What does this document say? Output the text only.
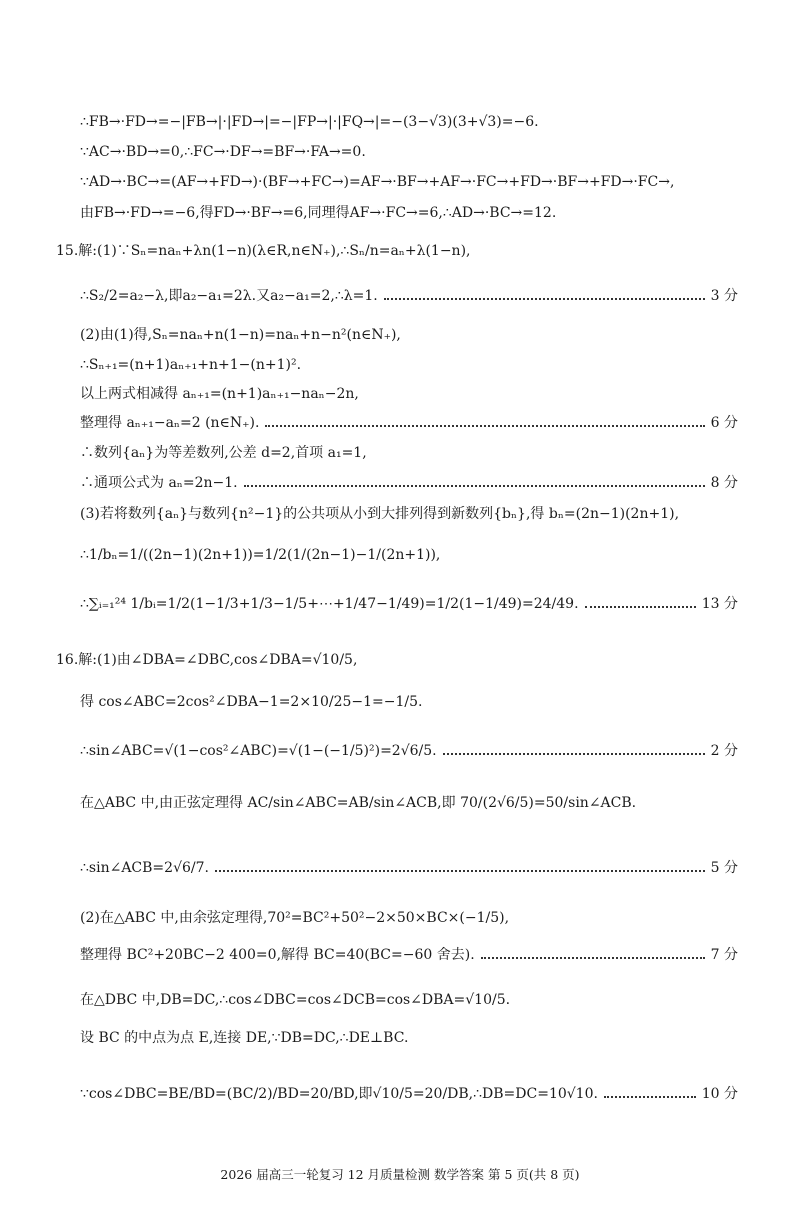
∴FB→·FD→=−|FB→|·|FD→|=−|FP→|·|FQ→|=−(3−√3)(3+√3)=−6.
∵AC→·BD→=0,∴FC→·DF→=BF→·FA→=0.
∵AD→·BC→=(AF→+FD→)·(BF→+FC→)=AF→·BF→+AF→·FC→+FD→·BF→+FD→·FC→,
由FB→·FD→=−6,得FD→·BF→=6,同理得AF→·FC→=6,∴AD→·BC→=12.
15.解:(1)∵Sₙ=naₙ+λn(1−n)(λ∈R,n∈N₊),∴Sₙ/n=aₙ+λ(1−n),
∴S₂/2=a₂−λ,即a₂−a₁=2λ.又a₂−a₁=2,∴λ=1.	3 分
(2)由(1)得,Sₙ=naₙ+n(1−n)=naₙ+n−n²(n∈N₊),
∴Sₙ₊₁=(n+1)aₙ₊₁+n+1−(n+1)².
以上两式相减得 aₙ₊₁=(n+1)aₙ₊₁−naₙ−2n,
整理得 aₙ₊₁−aₙ=2 (n∈N₊).	6 分
∴数列{aₙ}为等差数列,公差 d=2,首项 a₁=1,
∴通项公式为 aₙ=2n−1.	8 分
(3)若将数列{aₙ}与数列{n²−1}的公共项从小到大排列得到新数列{bₙ},得 bₙ=(2n−1)(2n+1),
∴1/bₙ=1/((2n−1)(2n+1))=1/2(1/(2n−1)−1/(2n+1)),
∴∑ᵢ₌₁²⁴ 1/bᵢ=1/2(1−1/3+1/3−1/5+⋯+1/47−1/49)=1/2(1−1/49)=24/49.	13 分
16.解:(1)由∠DBA=∠DBC,cos∠DBA=√10/5,
得 cos∠ABC=2cos²∠DBA−1=2×10/25−1=−1/5.
∴sin∠ABC=√(1−cos²∠ABC)=√(1−(−1/5)²)=2√6/5.	2 分
在△ABC 中,由正弦定理得 AC/sin∠ABC=AB/sin∠ACB,即 70/(2√6/5)=50/sin∠ACB.
∴sin∠ACB=2√6/7.	5 分
(2)在△ABC 中,由余弦定理得,70²=BC²+50²−2×50×BC×(−1/5),
整理得 BC²+20BC−2 400=0,解得 BC=40(BC=−60 舍去).	7 分
在△DBC 中,DB=DC,∴cos∠DBC=cos∠DCB=cos∠DBA=√10/5.
设 BC 的中点为点 E,连接 DE,∵DB=DC,∴DE⊥BC.
∵cos∠DBC=BE/BD=(BC/2)/BD=20/BD,即√10/5=20/DB,∴DB=DC=10√10.	10 分
2026 届高三一轮复习 12 月质量检测 数学答案 第 5 页(共 8 页)
